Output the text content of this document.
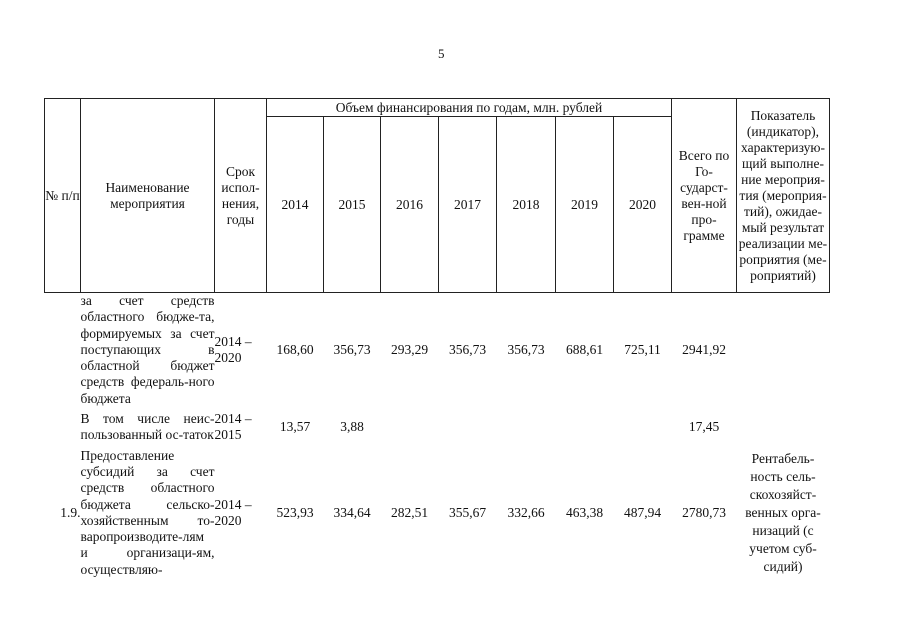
5
№ п/п	Наименование мероприятия	Срок испол-нения, годы	Объем финансирования по годам, млн. рублей							Всего по Го-сударст-вен-ной про-грамме	Показатель (индикатор), характеризую-щий выполне-ние мероприя-тия (мероприя-тий), ожидае-мый результат реализации ме-роприятия (ме-роприятий)
			2014	2015	2016	2017	2018	2019	2020		
	за счет средств областного бюдже-та, формируемых за счет поступающих в областной бюджет средств федераль-ного бюджета	2014 – 2020	168,60	356,73	293,29	356,73	356,73	688,61	725,11	2941,92	

	В том числе неис-пользованный ос-таток	2014 – 2015	13,57	3,88						17,45	

1.9.	Предоставление субсидий за счет средств областного бюджета сельско-хозяйственным то-варопроизводите-лям и организаци-ям, осуществляю-	2014 – 2020	523,93	334,64	282,51	355,67	332,66	463,38	487,94	2780,73	Рентабель-ность сель-скохозяйст-венных орга-низаций (с учетом суб-сидий)
